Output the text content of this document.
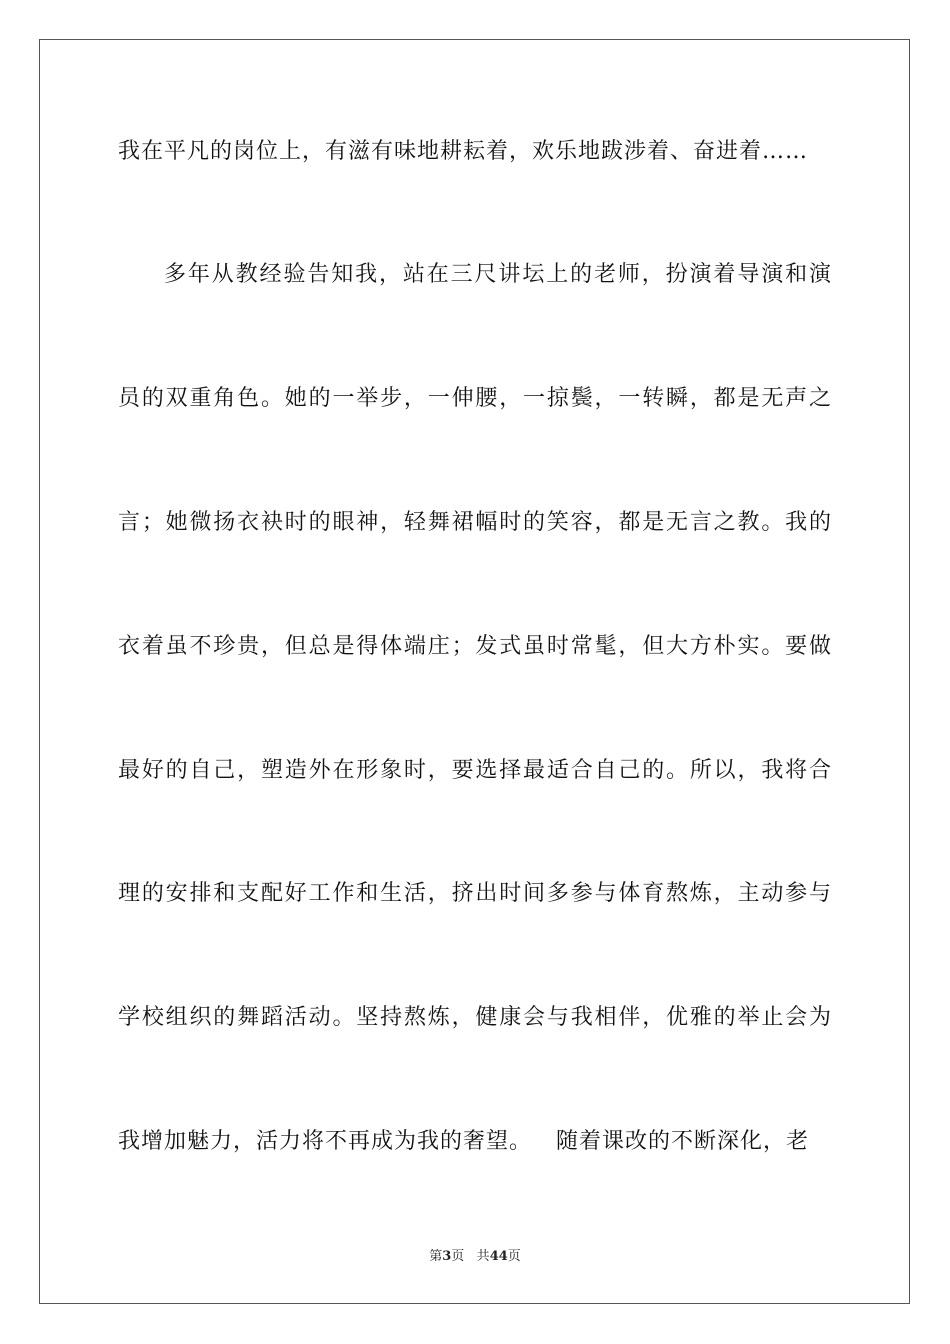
我在平凡的岗位上，有滋有味地耕耘着，欢乐地跋涉着、奋进着……
多年从教经验告知我，站在三尺讲坛上的老师，扮演着导演和演
员的双重角色。她的一举步，一伸腰，一掠鬓，一转瞬，都是无声之
言；她微扬衣袂时的眼神，轻舞裙幅时的笑容，都是无言之教。我的
衣着虽不珍贵，但总是得体端庄；发式虽时常髦，但大方朴实。要做
最好的自己，塑造外在形象时，要选择最适合自己的。所以，我将合
理的安排和支配好工作和生活，挤出时间多参与体育熬炼，主动参与
学校组织的舞蹈活动。坚持熬炼，健康会与我相伴，优雅的举止会为
我增加魅力，活力将不再成为我的奢望。   随着课改的不断深化，老
第3页 共44页
